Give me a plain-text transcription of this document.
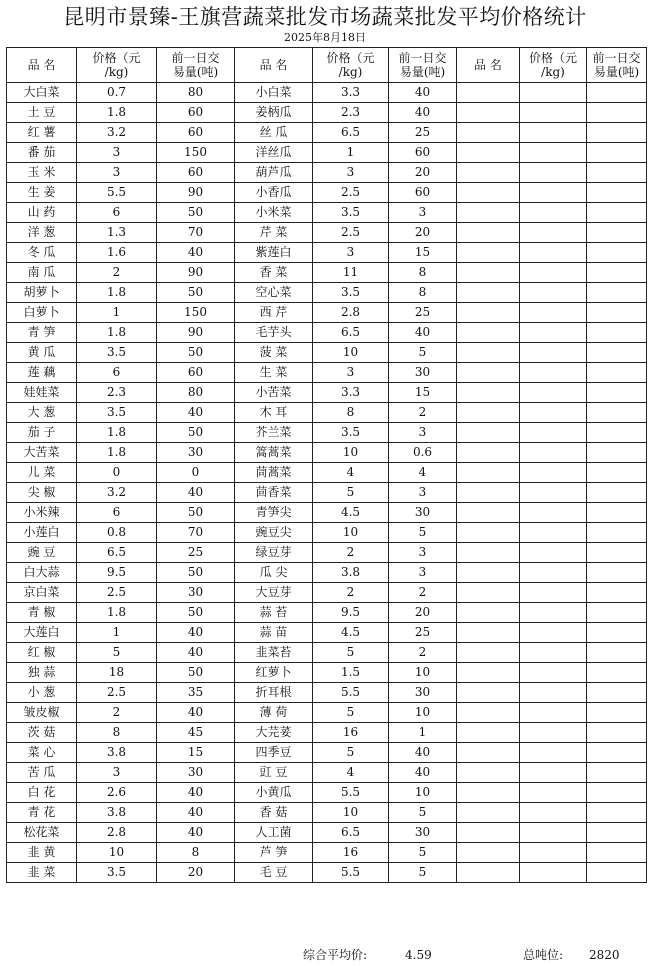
昆明市景臻-王旗营蔬菜批发市场蔬菜批发平均价格统计
2025年8月18日
品 名	价格（元
/kg)	前一日交
易量(吨)	品 名	价格（元
/kg)	前一日交
易量(吨)	品 名	价格（元
/kg)	前一日交
易量(吨)
大白菜	0.7	80	小白菜	3.3	40			
土 豆	1.8	60	姜柄瓜	2.3	40			
红 薯	3.2	60	丝 瓜	6.5	25			
番 茄	3	150	洋丝瓜	1	60			
玉 米	3	60	葫芦瓜	3	20			
生 姜	5.5	90	小香瓜	2.5	60			
山 药	6	50	小米菜	3.5	3			
洋 葱	1.3	70	芹 菜	2.5	20			
冬 瓜	1.6	40	紫莲白	3	15			
南 瓜	2	90	香 菜	11	8			
胡萝卜	1.8	50	空心菜	3.5	8			
白萝卜	1	150	西 芹	2.8	25			
青 笋	1.8	90	毛芋头	6.5	40			
黄 瓜	3.5	50	菠 菜	10	5			
莲 藕	6	60	生 菜	3	30			
娃娃菜	2.3	80	小苦菜	3.3	15			
大 葱	3.5	40	木 耳	8	2			
茄 子	1.8	50	芥兰菜	3.5	3			
大苦菜	1.8	30	篙蒿菜	10	0.6			
儿 菜	0	0	茼蒿菜	4	4			
尖 椒	3.2	40	茴香菜	5	3			
小米辣	6	50	青笋尖	4.5	30			
小莲白	0.8	70	豌豆尖	10	5			
豌 豆	6.5	25	绿豆芽	2	3			
白大蒜	9.5	50	瓜 尖	3.8	3			
京白菜	2.5	30	大豆芽	2	2			
青 椒	1.8	50	蒜 苔	9.5	20			
大莲白	1	40	蒜 苗	4.5	25			
红 椒	5	40	韭菜苔	5	2			
独 蒜	18	50	红萝卜	1.5	10			
小 葱	2.5	35	折耳根	5.5	30			
皱皮椒	2	40	薄 荷	5	10			
茨 菇	8	45	大芫荽	16	1			
菜 心	3.8	15	四季豆	5	40			
苦 瓜	3	30	豇 豆	4	40			
白 花	2.6	40	小黄瓜	5.5	10			
青 花	3.8	40	香 菇	10	5			
松花菜	2.8	40	人工菌	6.5	30			
韭 黄	10	8	芦 笋	16	5			
韭 菜	3.5	20	毛 豆	5.5	5			
综合平均价:	4.59	总吨位: 2820
